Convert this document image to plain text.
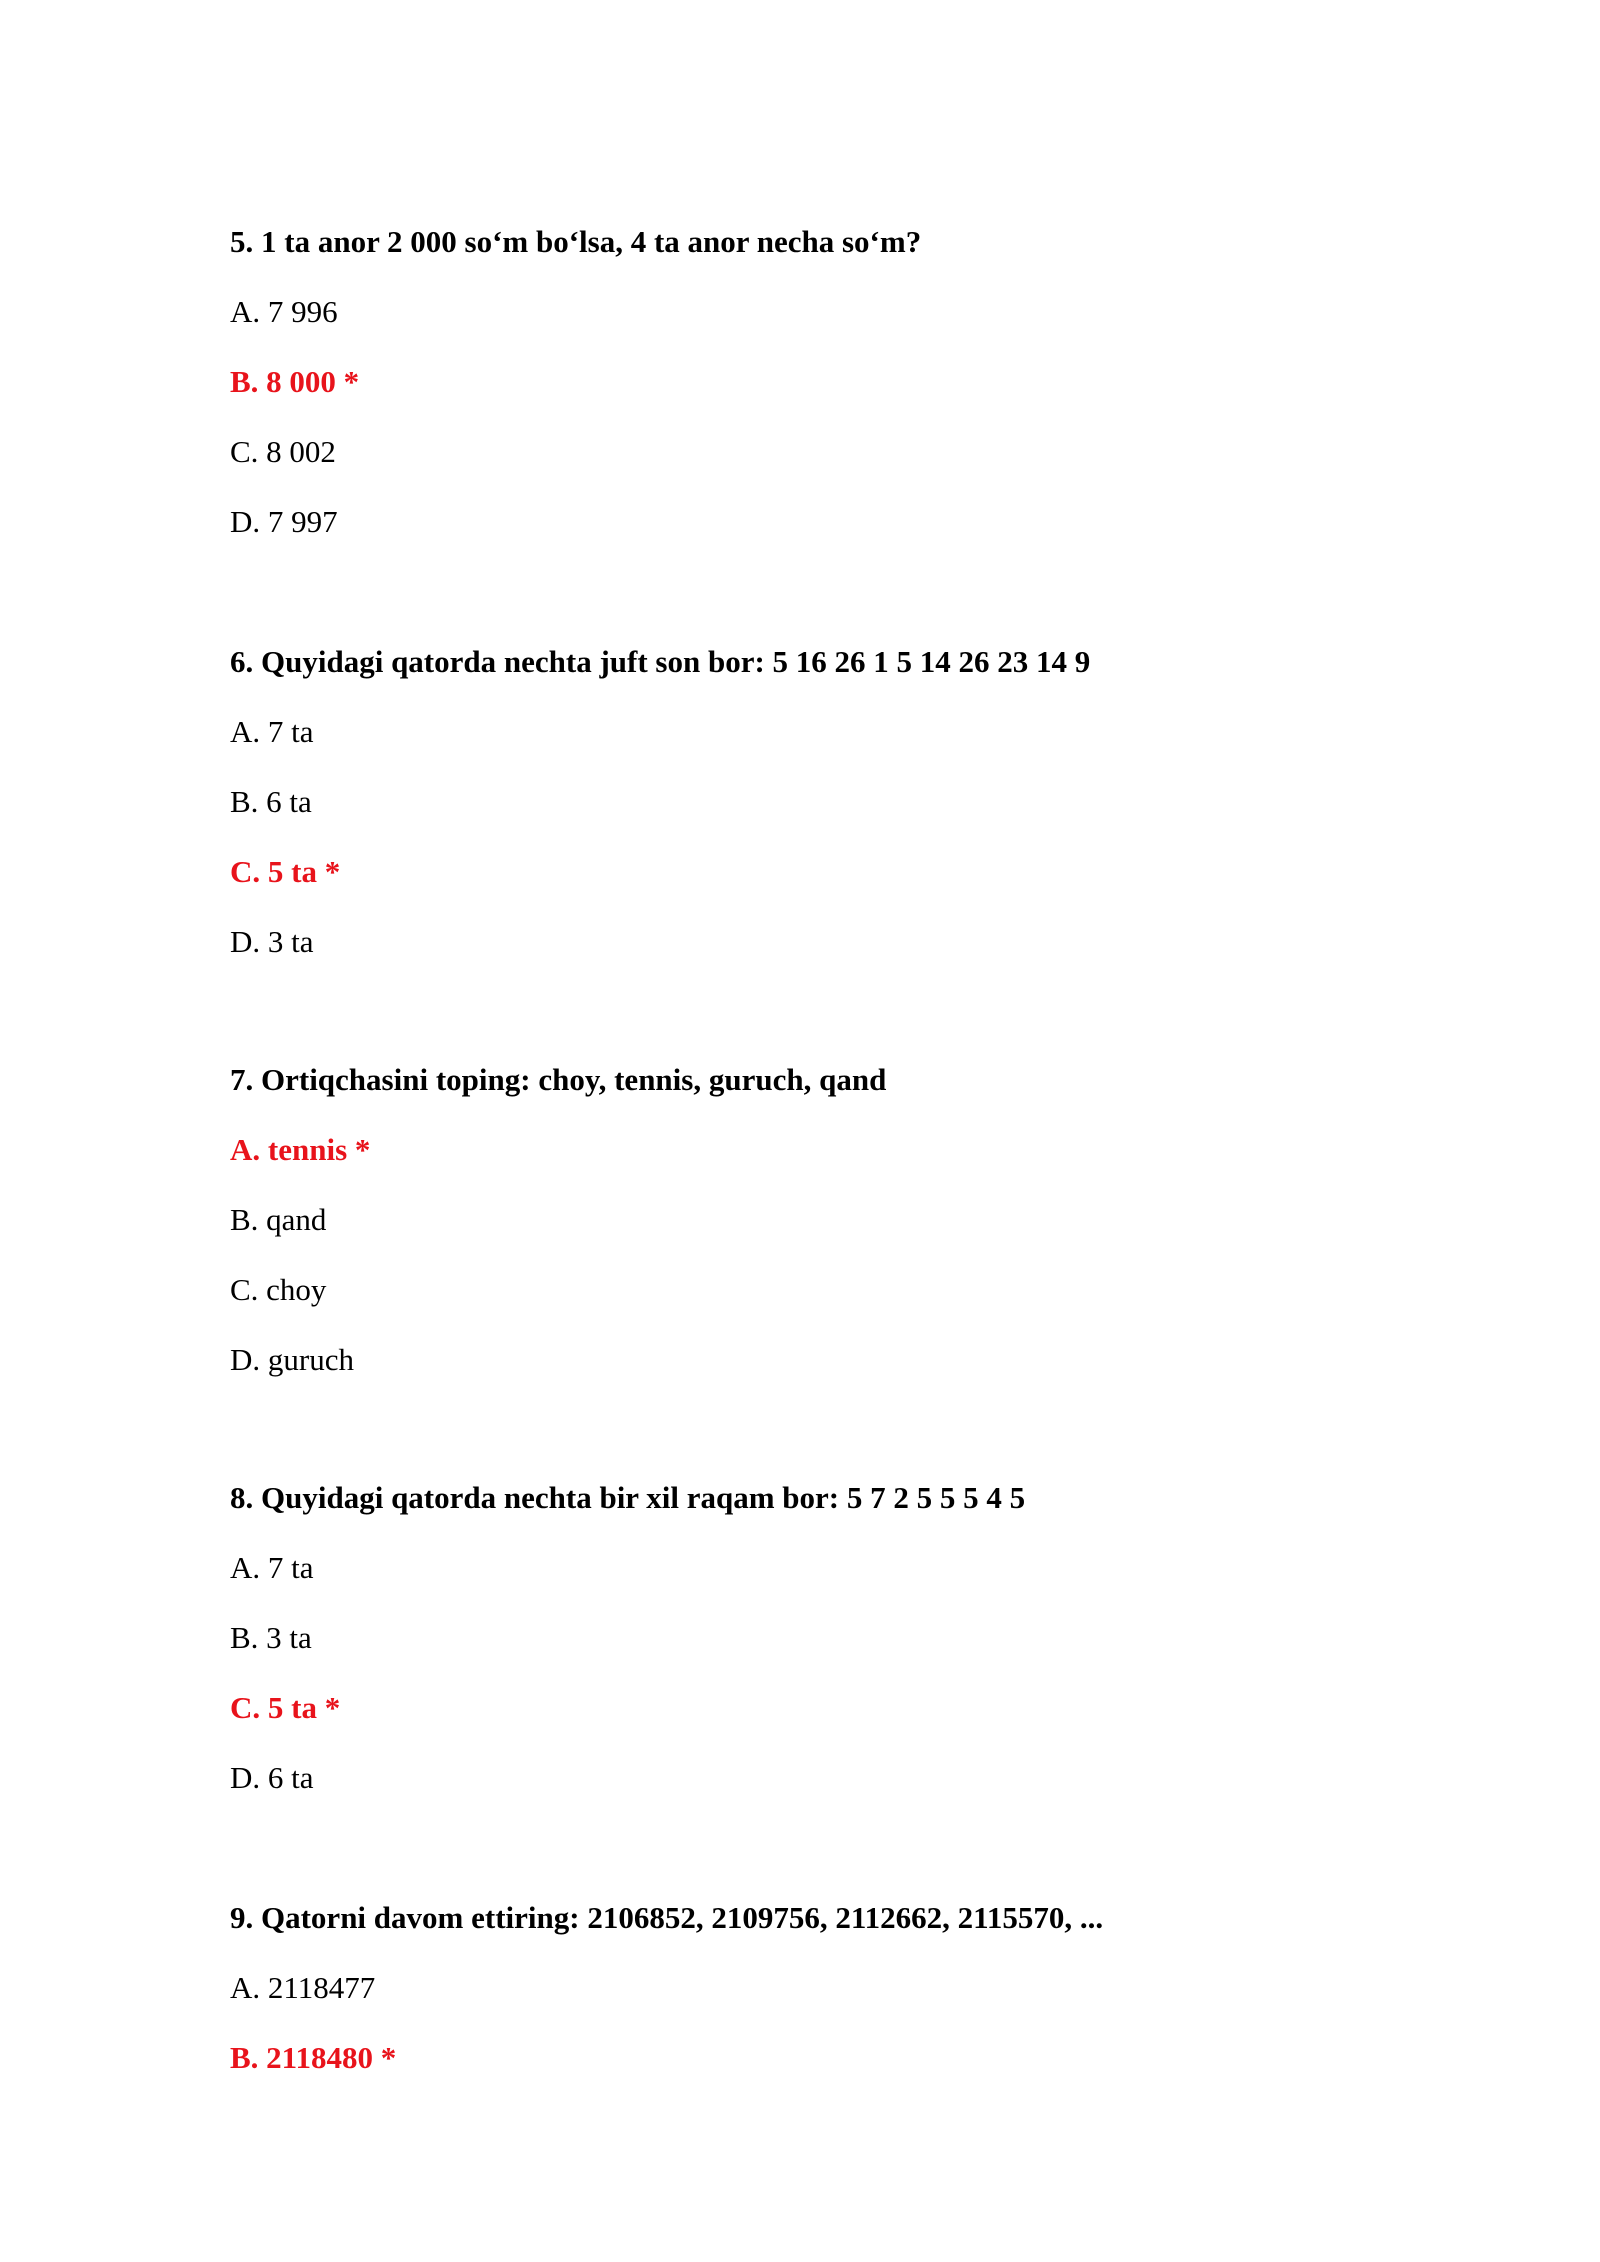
5. 1 ta anor 2 000 so‘m bo‘lsa, 4 ta anor necha so‘m?
A. 7 996
B. 8 000 *
C. 8 002
D. 7 997
6. Quyidagi qatorda nechta juft son bor: 5 16 26 1 5 14 26 23 14 9
A. 7 ta
B. 6 ta
C. 5 ta *
D. 3 ta
7. Ortiqchasini toping: choy, tennis, guruch, qand
A. tennis *
B. qand
C. choy
D. guruch
8. Quyidagi qatorda nechta bir xil raqam bor: 5 7 2 5 5 5 4 5
A. 7 ta
B. 3 ta
C. 5 ta *
D. 6 ta
9. Qatorni davom ettiring: 2106852, 2109756, 2112662, 2115570, ...
A. 2118477
B. 2118480 *
